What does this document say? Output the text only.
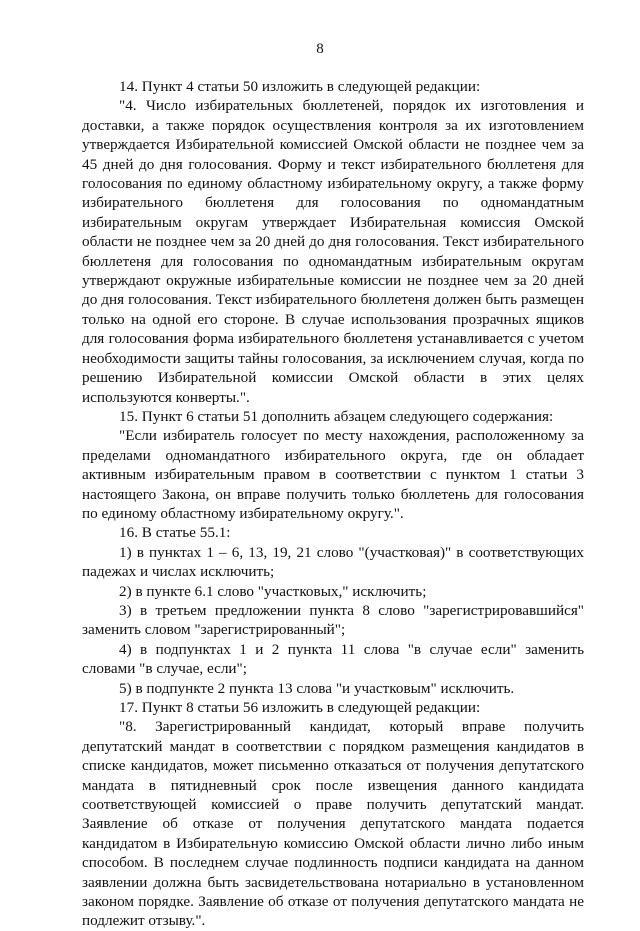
8

14. Пункт 4 статьи 50 изложить в следующей редакции:

"4. Число избирательных бюллетеней, порядок их изготовления и доставки, а также порядок осуществления контроля за их изготовлением утверждается Избирательной комиссией Омской области не позднее чем за 45 дней до дня голосования. Форму и текст избирательного бюллетеня для голосования по единому областному избирательному округу, а также форму избирательного бюллетеня для голосования по одномандатным избирательным округам утверждает Избирательная комиссия Омской области не позднее чем за 20 дней до дня голосования. Текст избирательного бюллетеня для голосования по одномандатным избирательным округам утверждают окружные избирательные комиссии не позднее чем за 20 дней до дня голосования. Текст избирательного бюллетеня должен быть размещен только на одной его стороне. В случае использования прозрачных ящиков для голосования форма избирательного бюллетеня устанавливается с учетом необходимости защиты тайны голосования, за исключением случая, когда по решению Избирательной комиссии Омской области в этих целях используются конверты.".

15. Пункт 6 статьи 51 дополнить абзацем следующего содержания:

"Если избиратель голосует по месту нахождения, расположенному за пределами одномандатного избирательного округа, где он обладает активным избирательным правом в соответствии с пунктом 1 статьи 3 настоящего Закона, он вправе получить только бюллетень для голосования по единому областному избирательному округу.".

16. В статье 55.1:

1) в пунктах 1 – 6, 13, 19, 21 слово "(участковая)" в соответствующих падежах и числах исключить;

2) в пункте 6.1 слово "участковых," исключить;

3) в третьем предложении пункта 8 слово "зарегистрировавшийся" заменить словом "зарегистрированный";

4) в подпунктах 1 и 2 пункта 11 слова "в случае если" заменить словами "в случае, если";

5) в подпункте 2 пункта 13 слова "и участковым" исключить.

17. Пункт 8 статьи 56 изложить в следующей редакции:

"8. Зарегистрированный кандидат, который вправе получить депутатский мандат в соответствии с порядком размещения кандидатов в списке кандидатов, может письменно отказаться от получения депутатского мандата в пятидневный срок после извещения данного кандидата соответствующей комиссией о праве получить депутатский мандат. Заявление об отказе от получения депутатского мандата подается кандидатом в Избирательную комиссию Омской области лично либо иным способом. В последнем случае подлинность подписи кандидата на данном заявлении должна быть засвидетельствована нотариально в установленном законом порядке. Заявление об отказе от получения депутатского мандата не подлежит отзыву.".
